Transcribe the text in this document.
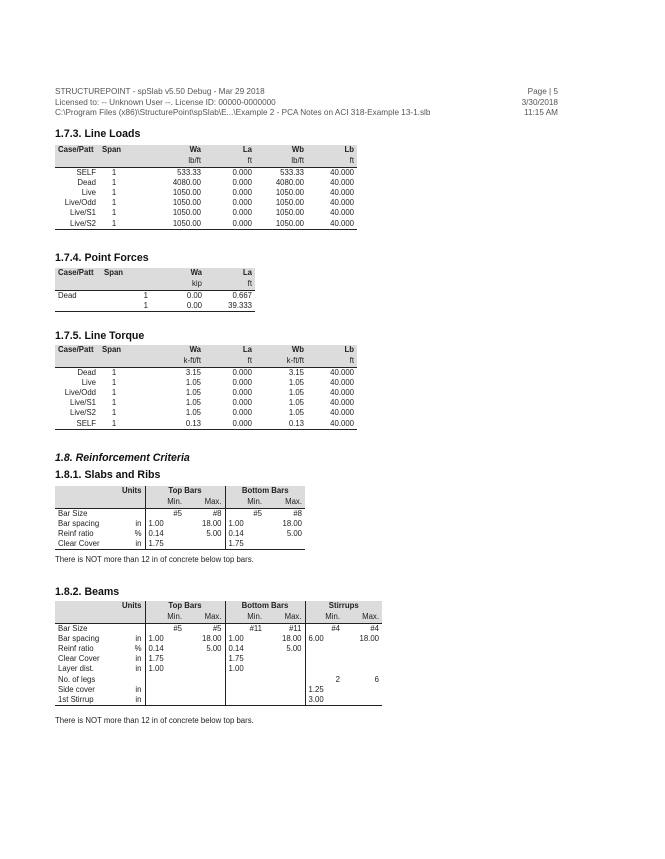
STRUCTUREPOINT - spSlab v5.50 Debug - Mar 29 2018
Licensed to: -- Unknown User --. License ID: 00000-0000000
C:\Program Files (x86)\StructurePoint\spSlab\E...\Example 2 - PCA Notes on ACI 318-Example 13-1.slb
Page | 5
3/30/2018
11:15 AM
1.7.3. Line Loads
Case/Patt	Span	Wa	La	Wb	Lb
		lb/ft	ft	lb/ft	ft
SELF	1	533.33	0.000	533.33	40.000
Dead	1	4080.00	0.000	4080.00	40.000
Live	1	1050.00	0.000	1050.00	40.000
Live/Odd	1	1050.00	0.000	1050.00	40.000
Live/S1	1	1050.00	0.000	1050.00	40.000
Live/S2	1	1050.00	0.000	1050.00	40.000
1.7.4. Point Forces
Case/Patt	Span	Wa	La
		kip	ft
Dead	1	0.00	0.667
	1	0.00	39.333
1.7.5. Line Torque
Case/Patt	Span	Wa	La	Wb	Lb
		k-ft/ft	ft	k-ft/ft	ft
Dead	1	3.15	0.000	3.15	40.000
Live	1	1.05	0.000	1.05	40.000
Live/Odd	1	1.05	0.000	1.05	40.000
Live/S1	1	1.05	0.000	1.05	40.000
Live/S2	1	1.05	0.000	1.05	40.000
SELF	1	0.13	0.000	0.13	40.000
1.8. Reinforcement Criteria
1.8.1. Slabs and Ribs
	Units	Top Bars		Bottom Bars	
		Min.	Max.	Min.	Max.
Bar Size		#5	#8	#5	#8
Bar spacing	in	1.00	18.00	1.00	18.00
Reinf ratio	%	0.14	5.00	0.14	5.00
Clear Cover	in	1.75		1.75	
There is NOT more than 12 in of concrete below top bars.
1.8.2. Beams
	Units	Top Bars		Bottom Bars		Stirrups	
		Min.	Max.	Min.	Max.	Min.	Max.
Bar Size		#5	#5	#11	#11	#4	#4
Bar spacing	in	1.00	18.00	1.00	18.00	6.00	18.00
Reinf ratio	%	0.14	5.00	0.14	5.00		
Clear Cover	in	1.75		1.75			
Layer dist.	in	1.00		1.00			
No. of legs						2	6
Side cover	in					1.25	
1st Stirrup	in					3.00	
There is NOT more than 12 in of concrete below top bars.
